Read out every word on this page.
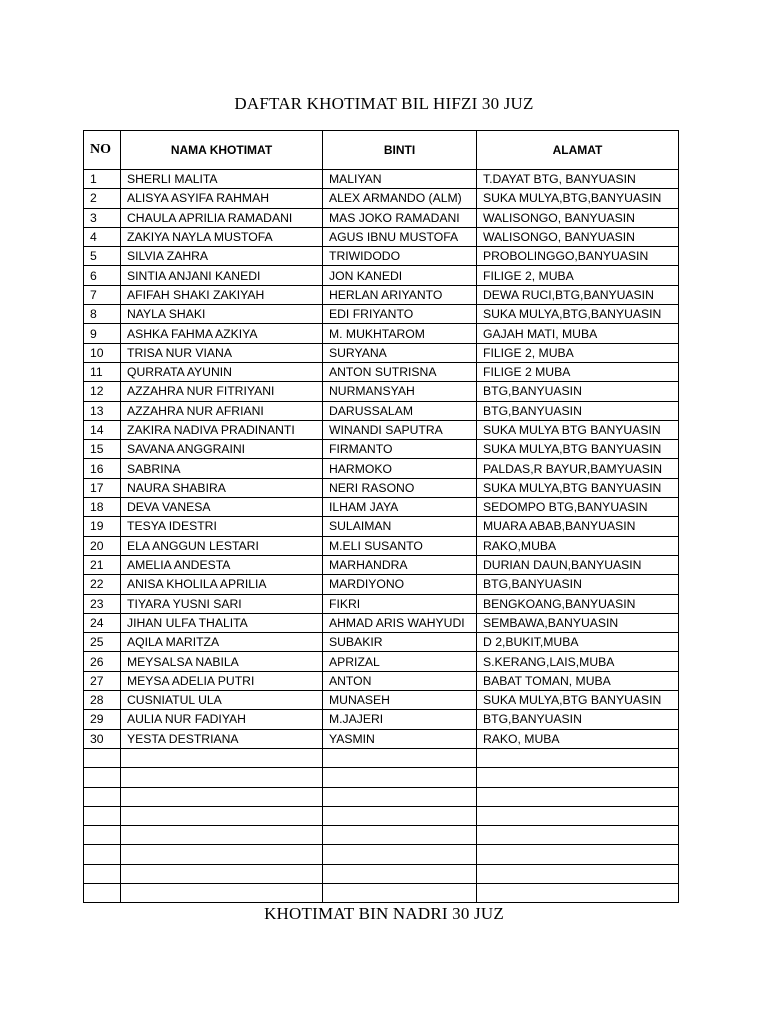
DAFTAR KHOTIMAT BIL HIFZI 30 JUZ
NO	NAMA KHOTIMAT	BINTI	ALAMAT
1	SHERLI MALITA	MALIYAN	T.DAYAT BTG, BANYUASIN
2	ALISYA ASYIFA RAHMAH	ALEX ARMANDO (ALM)	SUKA MULYA,BTG,BANYUASIN
3	CHAULA APRILIA RAMADANI	MAS JOKO RAMADANI	WALISONGO, BANYUASIN
4	ZAKIYA NAYLA MUSTOFA	AGUS IBNU MUSTOFA	WALISONGO, BANYUASIN
5	SILVIA ZAHRA	TRIWIDODO	PROBOLINGGO,BANYUASIN
6	SINTIA ANJANI KANEDI	JON KANEDI	FILIGE 2, MUBA
7	AFIFAH SHAKI ZAKIYAH	HERLAN ARIYANTO	DEWA RUCI,BTG,BANYUASIN
8	NAYLA SHAKI	EDI FRIYANTO	SUKA MULYA,BTG,BANYUASIN
9	ASHKA FAHMA AZKIYA	M. MUKHTAROM	GAJAH MATI, MUBA
10	TRISA NUR VIANA	SURYANA	FILIGE 2, MUBA
11	QURRATA AYUNIN	ANTON SUTRISNA	FILIGE 2 MUBA
12	AZZAHRA NUR FITRIYANI	NURMANSYAH	BTG,BANYUASIN
13	AZZAHRA NUR AFRIANI	DARUSSALAM	BTG,BANYUASIN
14	ZAKIRA NADIVA PRADINANTI	WINANDI SAPUTRA	SUKA MULYA BTG BANYUASIN
15	SAVANA ANGGRAINI	FIRMANTO	SUKA MULYA,BTG BANYUASIN
16	SABRINA	HARMOKO	PALDAS,R BAYUR,BAMYUASIN
17	NAURA SHABIRA	NERI RASONO	SUKA MULYA,BTG BANYUASIN
18	DEVA VANESA	ILHAM JAYA	SEDOMPO BTG,BANYUASIN
19	TESYA IDESTRI	SULAIMAN	MUARA ABAB,BANYUASIN
20	ELA ANGGUN LESTARI	M.ELI SUSANTO	RAKO,MUBA
21	AMELIA ANDESTA	MARHANDRA	DURIAN DAUN,BANYUASIN
22	ANISA KHOLILA APRILIA	MARDIYONO	BTG,BANYUASIN
23	TIYARA YUSNI SARI	FIKRI	BENGKOANG,BANYUASIN
24	JIHAN ULFA THALITA	AHMAD ARIS WAHYUDI	SEMBAWA,BANYUASIN
25	AQILA MARITZA	SUBAKIR	D 2,BUKIT,MUBA
26	MEYSALSA NABILA	APRIZAL	S.KERANG,LAIS,MUBA
27	MEYSA ADELIA PUTRI	ANTON	BABAT TOMAN, MUBA
28	CUSNIATUL ULA	MUNASEH	SUKA MULYA,BTG BANYUASIN
29	AULIA NUR FADIYAH	M.JAJERI	BTG,BANYUASIN
30	YESTA DESTRIANA	YASMIN	RAKO, MUBA

KHOTIMAT BIN NADRI 30 JUZ
